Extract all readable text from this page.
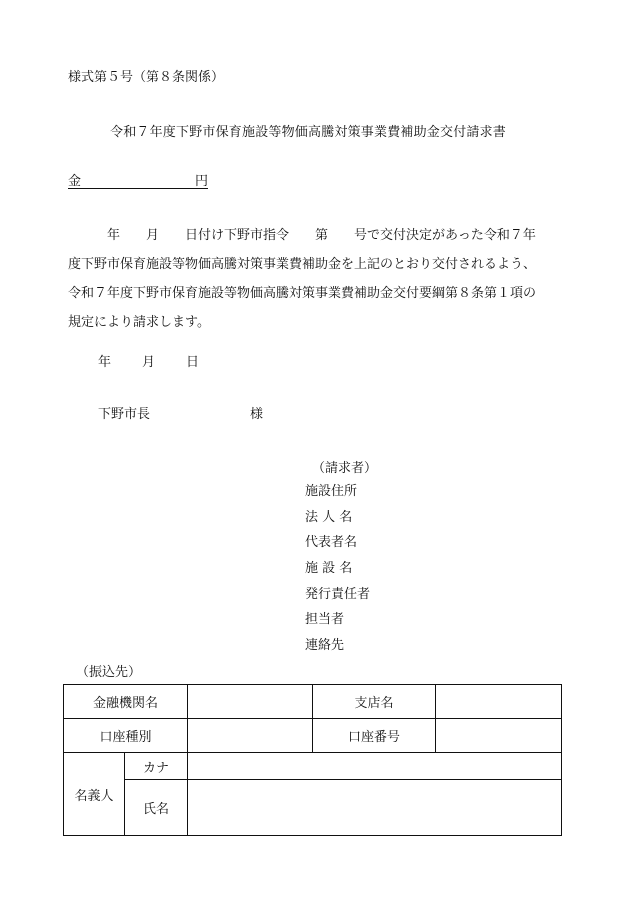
様式第５号（第８条関係）
令和７年度下野市保育施設等物価高騰対策事業費補助金交付請求書
金	円
　　　年　　月　　日付け下野市指令　　第　　号で交付決定があった令和７年
度下野市保育施設等物価高騰対策事業費補助金を上記のとおり交付されるよう、
令和７年度下野市保育施設等物価高騰対策事業費補助金交付要綱第８条第１項の
規定により請求します。
年 月 日
下野市長	様
（請求者）
施設住所
法 人 名
代表者名
施 設 名
発行責任者
担当者
連絡先
（振込先）
金融機関名			支店名	
口座種別			口座番号	
名義人	カナ			
	氏名			
